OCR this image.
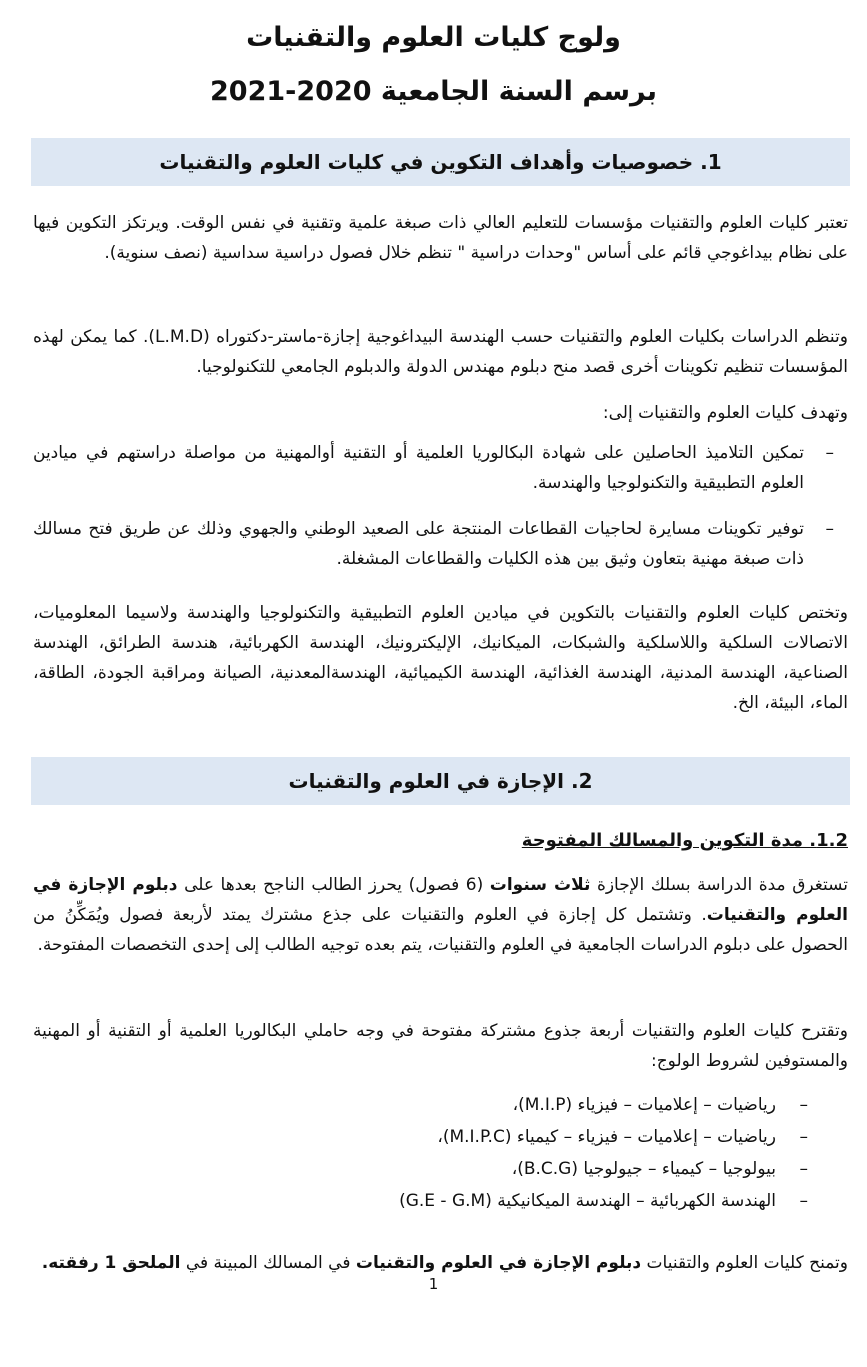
ولوج كليات العلوم والتقنيات
برسم السنة الجامعية 2020-2021
1. خصوصيات وأهداف التكوين في كليات العلوم والتقنيات

تعتبر كليات العلوم والتقنيات مؤسسات للتعليم العالي ذات صبغة علمية وتقنية في نفس الوقت. ويرتكز التكوين فيها على نظام بيداغوجي قائم على أساس "وحدات دراسية " تنظم خلال فصول دراسية سداسية (نصف سنوية).

وتنظم الدراسات بكليات العلوم والتقنيات حسب الهندسة البيداغوجية إجازة-ماستر-دكتوراه (L.M.D). كما يمكن لهذه المؤسسات تنظيم تكوينات أخرى قصد منح دبلوم مهندس الدولة والدبلوم الجامعي للتكنولوجيا.

وتهدف كليات العلوم والتقنيات إلى:

–
تمكين التلاميذ الحاصلين على شهادة البكالوريا العلمية أو التقنية أوالمهنية من مواصلة دراستهم في ميادين العلوم التطبيقية والتكنولوجيا والهندسة.
–
توفير تكوينات مسايرة لحاجيات القطاعات المنتجة على الصعيد الوطني والجهوي وذلك عن طريق فتح مسالك ذات صبغة مهنية بتعاون وثيق بين هذه الكليات والقطاعات المشغلة.

وتختص كليات العلوم والتقنيات بالتكوين في ميادين العلوم التطبيقية والتكنولوجيا والهندسة ولاسيما المعلوميات، الاتصالات السلكية واللاسلكية والشبكات، الميكانيك، الإليكترونيك، الهندسة الكهربائية، هندسة الطرائق، الهندسة الصناعية، الهندسة المدنية، الهندسة الغذائية، الهندسة الكيميائية، الهندسةالمعدنية، الصيانة ومراقبة الجودة، الطاقة، الماء، البيئة، الخ.

2. الإجازة في العلوم والتقنيات
1.2. مدة التكوين والمسالك المفتوحة

تستغرق مدة الدراسة بسلك الإجازة ثلاث سنوات (6 فصول) يحرز الطالب الناجح بعدها على دبلوم الإجازة في العلوم والتقنيات. وتشتمل كل إجازة في العلوم والتقنيات على جذع مشترك يمتد لأربعة فصول ويُمَكِّنُ من الحصول على دبلوم الدراسات الجامعية في العلوم والتقنيات، يتم بعده توجيه الطالب إلى إحدى التخصصات المفتوحة.

وتقترح كليات العلوم والتقنيات أربعة جذوع مشتركة مفتوحة في وجه حاملي البكالوريا العلمية أو التقنية أو المهنية والمستوفين لشروط الولوج:

–
رياضيات – إعلاميات – فيزياء (M.I.P)،
–
رياضيات – إعلاميات – فيزياء – كيمياء (M.I.P.C)،
–
بيولوجيا – كيمياء – جيولوجيا (B.C.G)،
–
الهندسة الكهربائية – الهندسة الميكانيكية (G.E - G.M)

وتمنح كليات العلوم والتقنيات دبلوم الإجازة في العلوم والتقنيات في المسالك المبينة في الملحق 1 رفقته.

1
